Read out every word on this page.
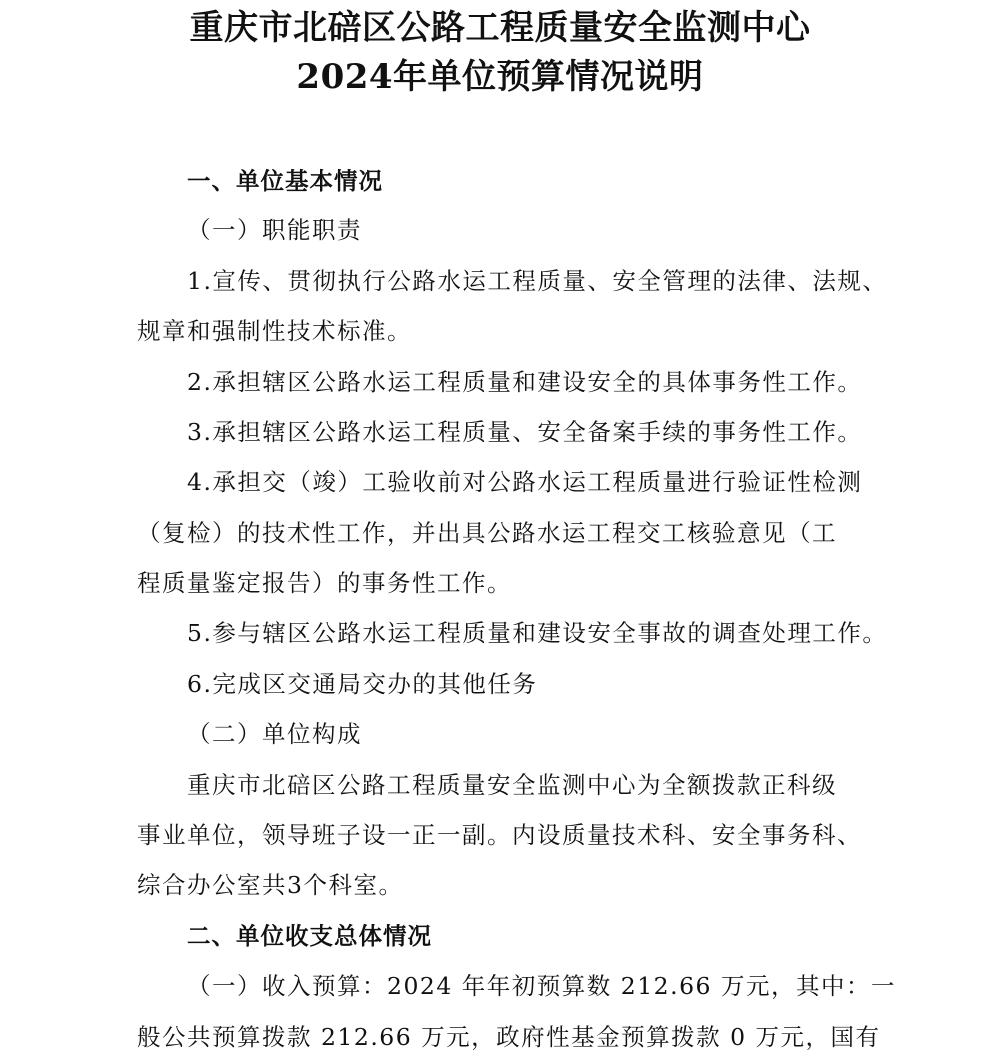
重庆市北碚区公路工程质量安全监测中心
2024年单位预算情况说明
一、单位基本情况
（一）职能职责
1.宣传、贯彻执行公路水运工程质量、安全管理的法律、法规、
规章和强制性技术标准。
2.承担辖区公路水运工程质量和建设安全的具体事务性工作。
3.承担辖区公路水运工程质量、安全备案手续的事务性工作。
4.承担交（竣）工验收前对公路水运工程质量进行验证性检测
（复检）的技术性工作，并出具公路水运工程交工核验意见（工
程质量鉴定报告）的事务性工作。
5.参与辖区公路水运工程质量和建设安全事故的调查处理工作。
6.完成区交通局交办的其他任务
（二）单位构成
重庆市北碚区公路工程质量安全监测中心为全额拨款正科级
事业单位，领导班子设一正一副。内设质量技术科、安全事务科、
综合办公室共3个科室。
二、单位收支总体情况
（一）收入预算：2024 年年初预算数 212.66 万元，其中：一
般公共预算拨款 212.66 万元，政府性基金预算拨款 0 万元，国有
